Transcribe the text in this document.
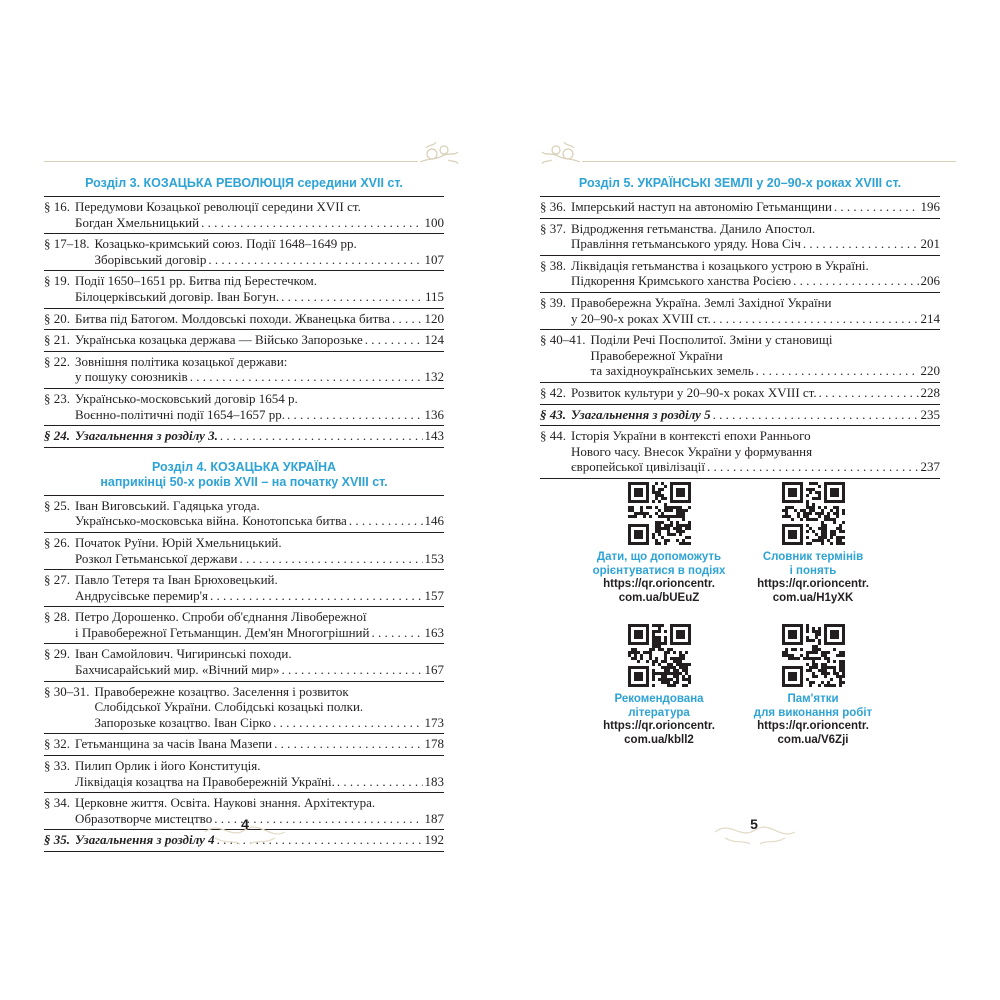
Розділ 3. КОЗАЦЬКА РЕВОЛЮЦІЯ середини XVII ст.
§ 16. Передумови Козацької революції середини XVII ст.
Богдан Хмельницький . . .	100
§ 17–18. Козацько-кримський союз. Події 1648–1649 рр.
Зборівський договір . . .	107
§ 19. Події 1650–1651 рр. Битва під Берестечком.
Білоцерківський договір. Іван Богун. . . .	115
§ 20. Битва під Батогом. Молдовські походи. Жванецька битва . . .	120
§ 21. Українська козацька держава — Військо Запорозьке . . .	124
§ 22. Зовнішня політика козацької держави:
у пошуку союзників . . .	132
§ 23. Українсько-московський договір 1654 р.
Воєнно-політичні події 1654–1657 рр. . . .	136
§ 24. Узагальнення з розділу 3. . . .	143
Розділ 4. КОЗАЦЬКА УКРАЇНА
наприкінці 50-х років XVII – на початку XVIII ст.
§ 25. Іван Виговський. Гадяцька угода.
Українсько-московська війна. Конотопська битва . . .	146
§ 26. Початок Руїни. Юрій Хмельницький.
Розкол Гетьманської держави . . .	153
§ 27. Павло Тетеря та Іван Брюховецький.
Андрусівське перемир'я . . .	157
§ 28. Петро Дорошенко. Спроби об'єднання Лівобережної
і Правобережної Гетьманщин. Дем'ян Многогрішний . . .	163
§ 29. Іван Самойлович. Чигиринські походи.
Бахчисарайський мир. «Вічний мир» . . .	167
§ 30–31. Правобережне козацтво. Заселення і розвиток
Слобідської України. Слобідські козацькі полки.
Запорозьке козацтво. Іван Сірко . . .	173
§ 32. Гетьманщина за часів Івана Мазепи . . .	178
§ 33. Пилип Орлик і його Конституція.
Ліквідація козацтва на Правобережній Україні. . . .	183
§ 34. Церковне життя. Освіта. Наукові знання. Архітектура.
Образотворче мистецтво . . .	187
§ 35. Узагальнення з розділу 4 . . .	192
Розділ 5. УКРАЇНСЬКІ ЗЕМЛІ у 20–90-х роках XVIII ст.
§ 36. Імперський наступ на автономію Гетьманщини . . .	196
§ 37. Відродження гетьманства. Данило Апостол.
Правління гетьманського уряду. Нова Січ . . .	201
§ 38. Ліквідація гетьманства і козацького устрою в Україні.
Підкорення Кримського ханства Росією . . .	206
§ 39. Правобережна Україна. Землі Західної України
у 20–90-х роках XVIII ст. . . .	214
§ 40–41. Поділи Речі Посполитої. Зміни у становищі
Правобережної України
та західноукраїнських земель . . .	220
§ 42. Розвиток культури у 20–90-х роках XVIII ст. . . .	228
§ 43. Узагальнення з розділу 5 . . .	235
§ 44. Історія України в контексті епохи Раннього
Нового часу. Внесок України у формування
європейської цивілізації . . .	237
Дати, що допоможуть
орієнтуватися в подіях
https://qr.orioncentr.
com.ua/bUEuZ
Словник термінів
і понять
https://qr.orioncentr.
com.ua/H1yXK
Рекомендована
література
https://qr.orioncentr.
com.ua/kbll2
Пам'ятки
для виконання робіт
https://qr.orioncentr.
com.ua/V6Zji
4	5
